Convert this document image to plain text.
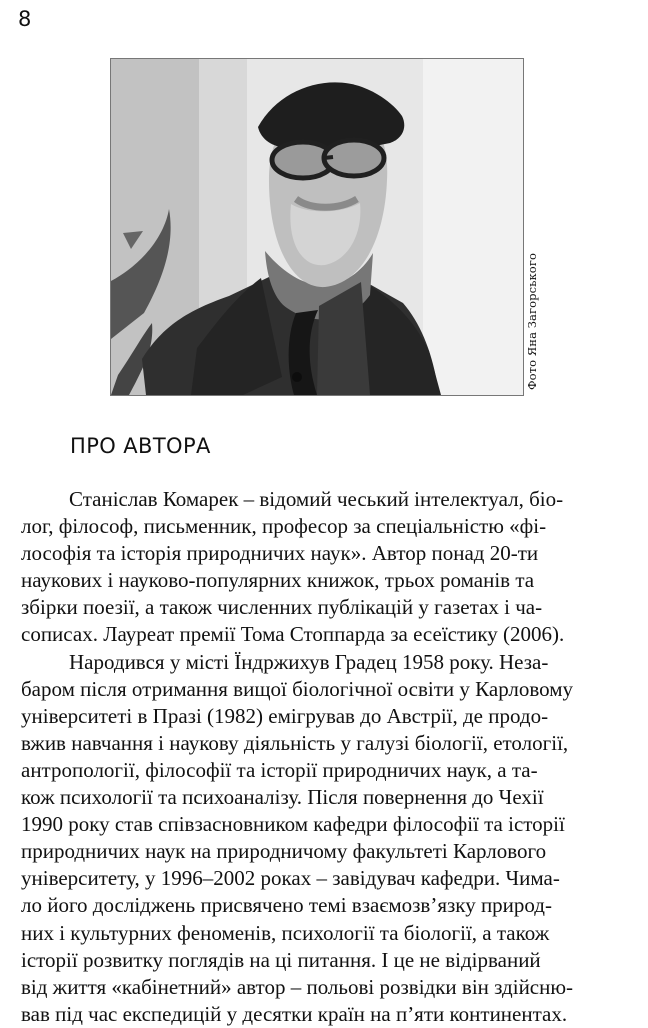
8
Фото Яна Загорського
ПРО АВТОРА
Станіслав Комарек – відомий чеський інтелектуал, біо-
лог, філософ, письменник, професор за спеціальністю «фі-
лософія та історія природничих наук». Автор понад 20-ти
наукових і науково-популярних книжок, трьох романів та
збірки поезії, а також численних публікацій у газетах і ча-
сописах. Лауреат премії Тома Стоппарда за есеїстику (2006).
Народився у місті Їндржихув Градец 1958 року. Неза-
баром після отримання вищої біологічної освіти у Карловому
університеті в Празі (1982) емігрував до Австрії, де продо-
вжив навчання і наукову діяльність у галузі біології, етології,
антропології, філософії та історії природничих наук, а та-
кож психології та психоаналізу. Після повернення до Чехії
1990 року став співзасновником кафедри філософії та історії
природничих наук на природничому факультеті Карлового
університету, у 1996–2002 роках – завідувач кафедри. Чима-
ло його досліджень присвячено темі взаємозв’язку природ-
них і культурних феноменів, психології та біології, а також
історії розвитку поглядів на ці питання. І це не відірваний
від життя «кабінетний» автор – польові розвідки він здійсню-
вав під час експедицій у десятки країн на п’яти континентах.
